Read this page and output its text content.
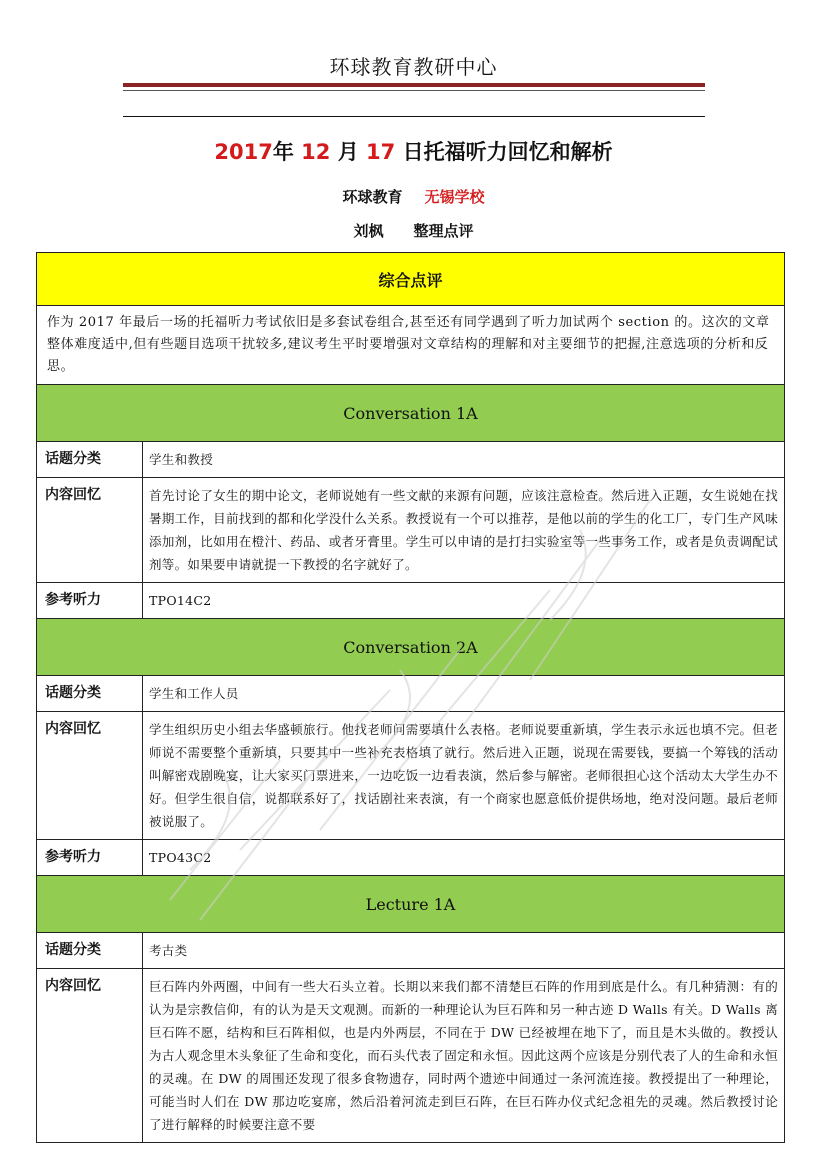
环球教育教研中心
2017年 12 月 17 日托福听力回忆和解析
环球教育 无锡学校
刘枫 整理点评
综合点评
作为 2017 年最后一场的托福听力考试依旧是多套试卷组合,甚至还有同学遇到了听力加试两个 section 的。这次的文章整体难度适中,但有些题目选项干扰较多,建议考生平时要增强对文章结构的理解和对主要细节的把握,注意选项的分析和反思。
Conversation 1A
话题分类	学生和教授
内容回忆	首先讨论了女生的期中论文，老师说她有一些文献的来源有问题，应该注意检查。然后进入正题，女生说她在找暑期工作，目前找到的都和化学没什么关系。教授说有一个可以推荐，是他以前的学生的化工厂，专门生产风味添加剂，比如用在橙汁、药品、或者牙膏里。学生可以申请的是打扫实验室等一些事务工作，或者是负责调配试剂等。如果要申请就提一下教授的名字就好了。
参考听力	TPO14C2
Conversation 2A
话题分类	学生和工作人员
内容回忆	学生组织历史小组去华盛顿旅行。他找老师问需要填什么表格。老师说要重新填，学生表示永远也填不完。但老师说不需要整个重新填，只要其中一些补充表格填了就行。然后进入正题，说现在需要钱，要搞一个筹钱的活动叫解密戏剧晚宴，让大家买门票进来，一边吃饭一边看表演，然后参与解密。老师很担心这个活动太大学生办不好。但学生很自信，说都联系好了，找话剧社来表演，有一个商家也愿意低价提供场地，绝对没问题。最后老师被说服了。
参考听力	TPO43C2
Lecture 1A
话题分类	考古类
内容回忆	巨石阵内外两圈，中间有一些大石头立着。长期以来我们都不清楚巨石阵的作用到底是什么。有几种猜测：有的认为是宗教信仰，有的认为是天文观测。而新的一种理论认为巨石阵和另一种古迹 D Walls 有关。D Walls 离巨石阵不愿，结构和巨石阵相似，也是内外两层，不同在于 DW 已经被埋在地下了，而且是木头做的。教授认为古人观念里木头象征了生命和变化，而石头代表了固定和永恒。因此这两个应该是分别代表了人的生命和永恒的灵魂。在 DW 的周围还发现了很多食物遗存，同时两个遗迹中间通过一条河流连接。教授提出了一种理论，可能当时人们在 DW 那边吃宴席，然后沿着河流走到巨石阵，在巨石阵办仪式纪念祖先的灵魂。然后教授讨论了进行解释的时候要注意不要
